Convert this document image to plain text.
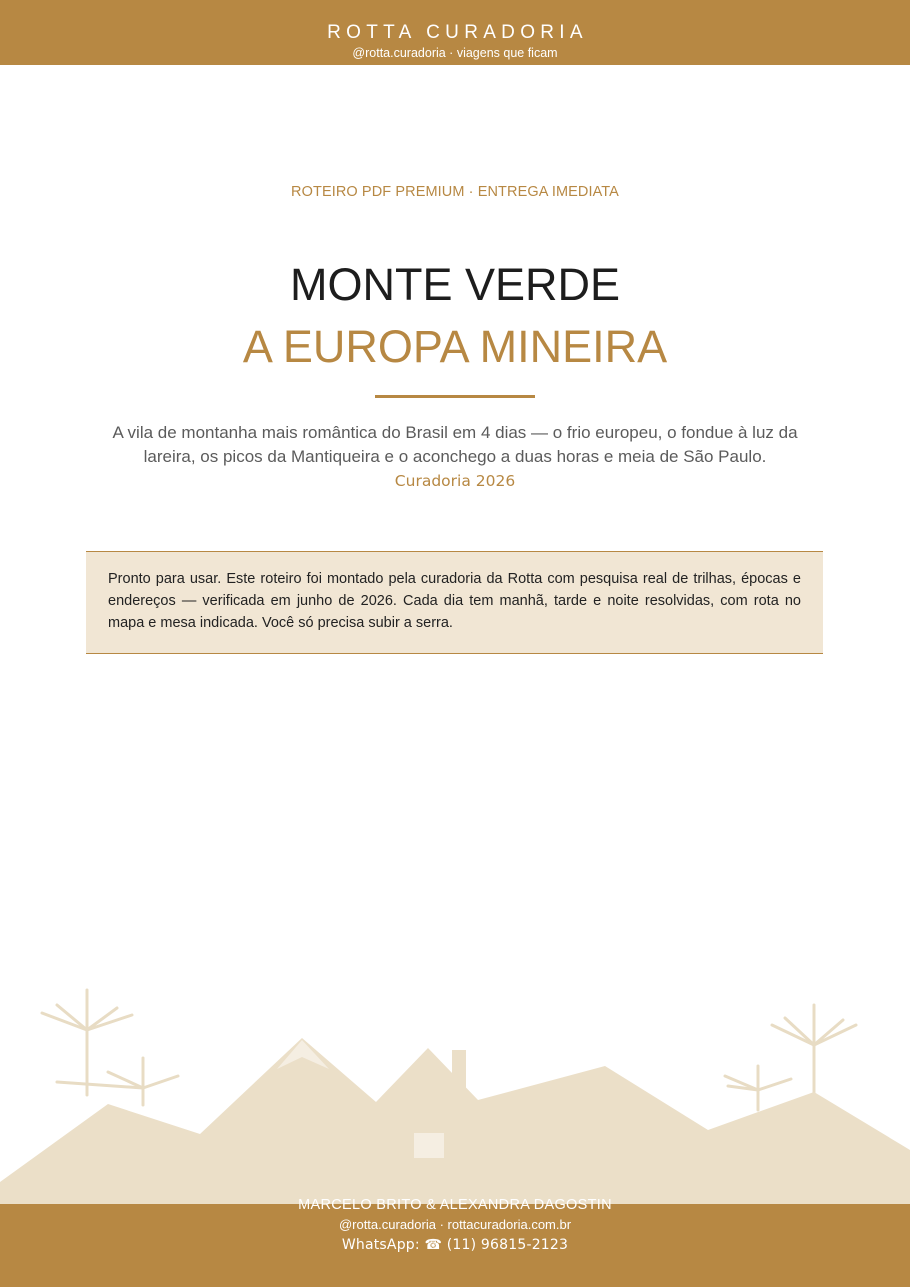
ROTTA CURADORIA
@rotta.curadoria · viagens que ficam
ROTEIRO PDF PREMIUM · ENTREGA IMEDIATA
MONTE VERDE
A EUROPA MINEIRA
A vila de montanha mais romântica do Brasil em 4 dias — o frio europeu, o fondue à luz da lareira, os picos da Mantiqueira e o aconchego a duas horas e meia de São Paulo.
Curadoria 2026
Pronto para usar. Este roteiro foi montado pela curadoria da Rotta com pesquisa real de trilhas, épocas e endereços — verificada em junho de 2026. Cada dia tem manhã, tarde e noite resolvidas, com rota no mapa e mesa indicada. Você só precisa subir a serra.
MARCELO BRITO & ALEXANDRA DAGOSTIN
@rotta.curadoria · rottacuradoria.com.br
WhatsApp: ☎ (11) 96815-2123
